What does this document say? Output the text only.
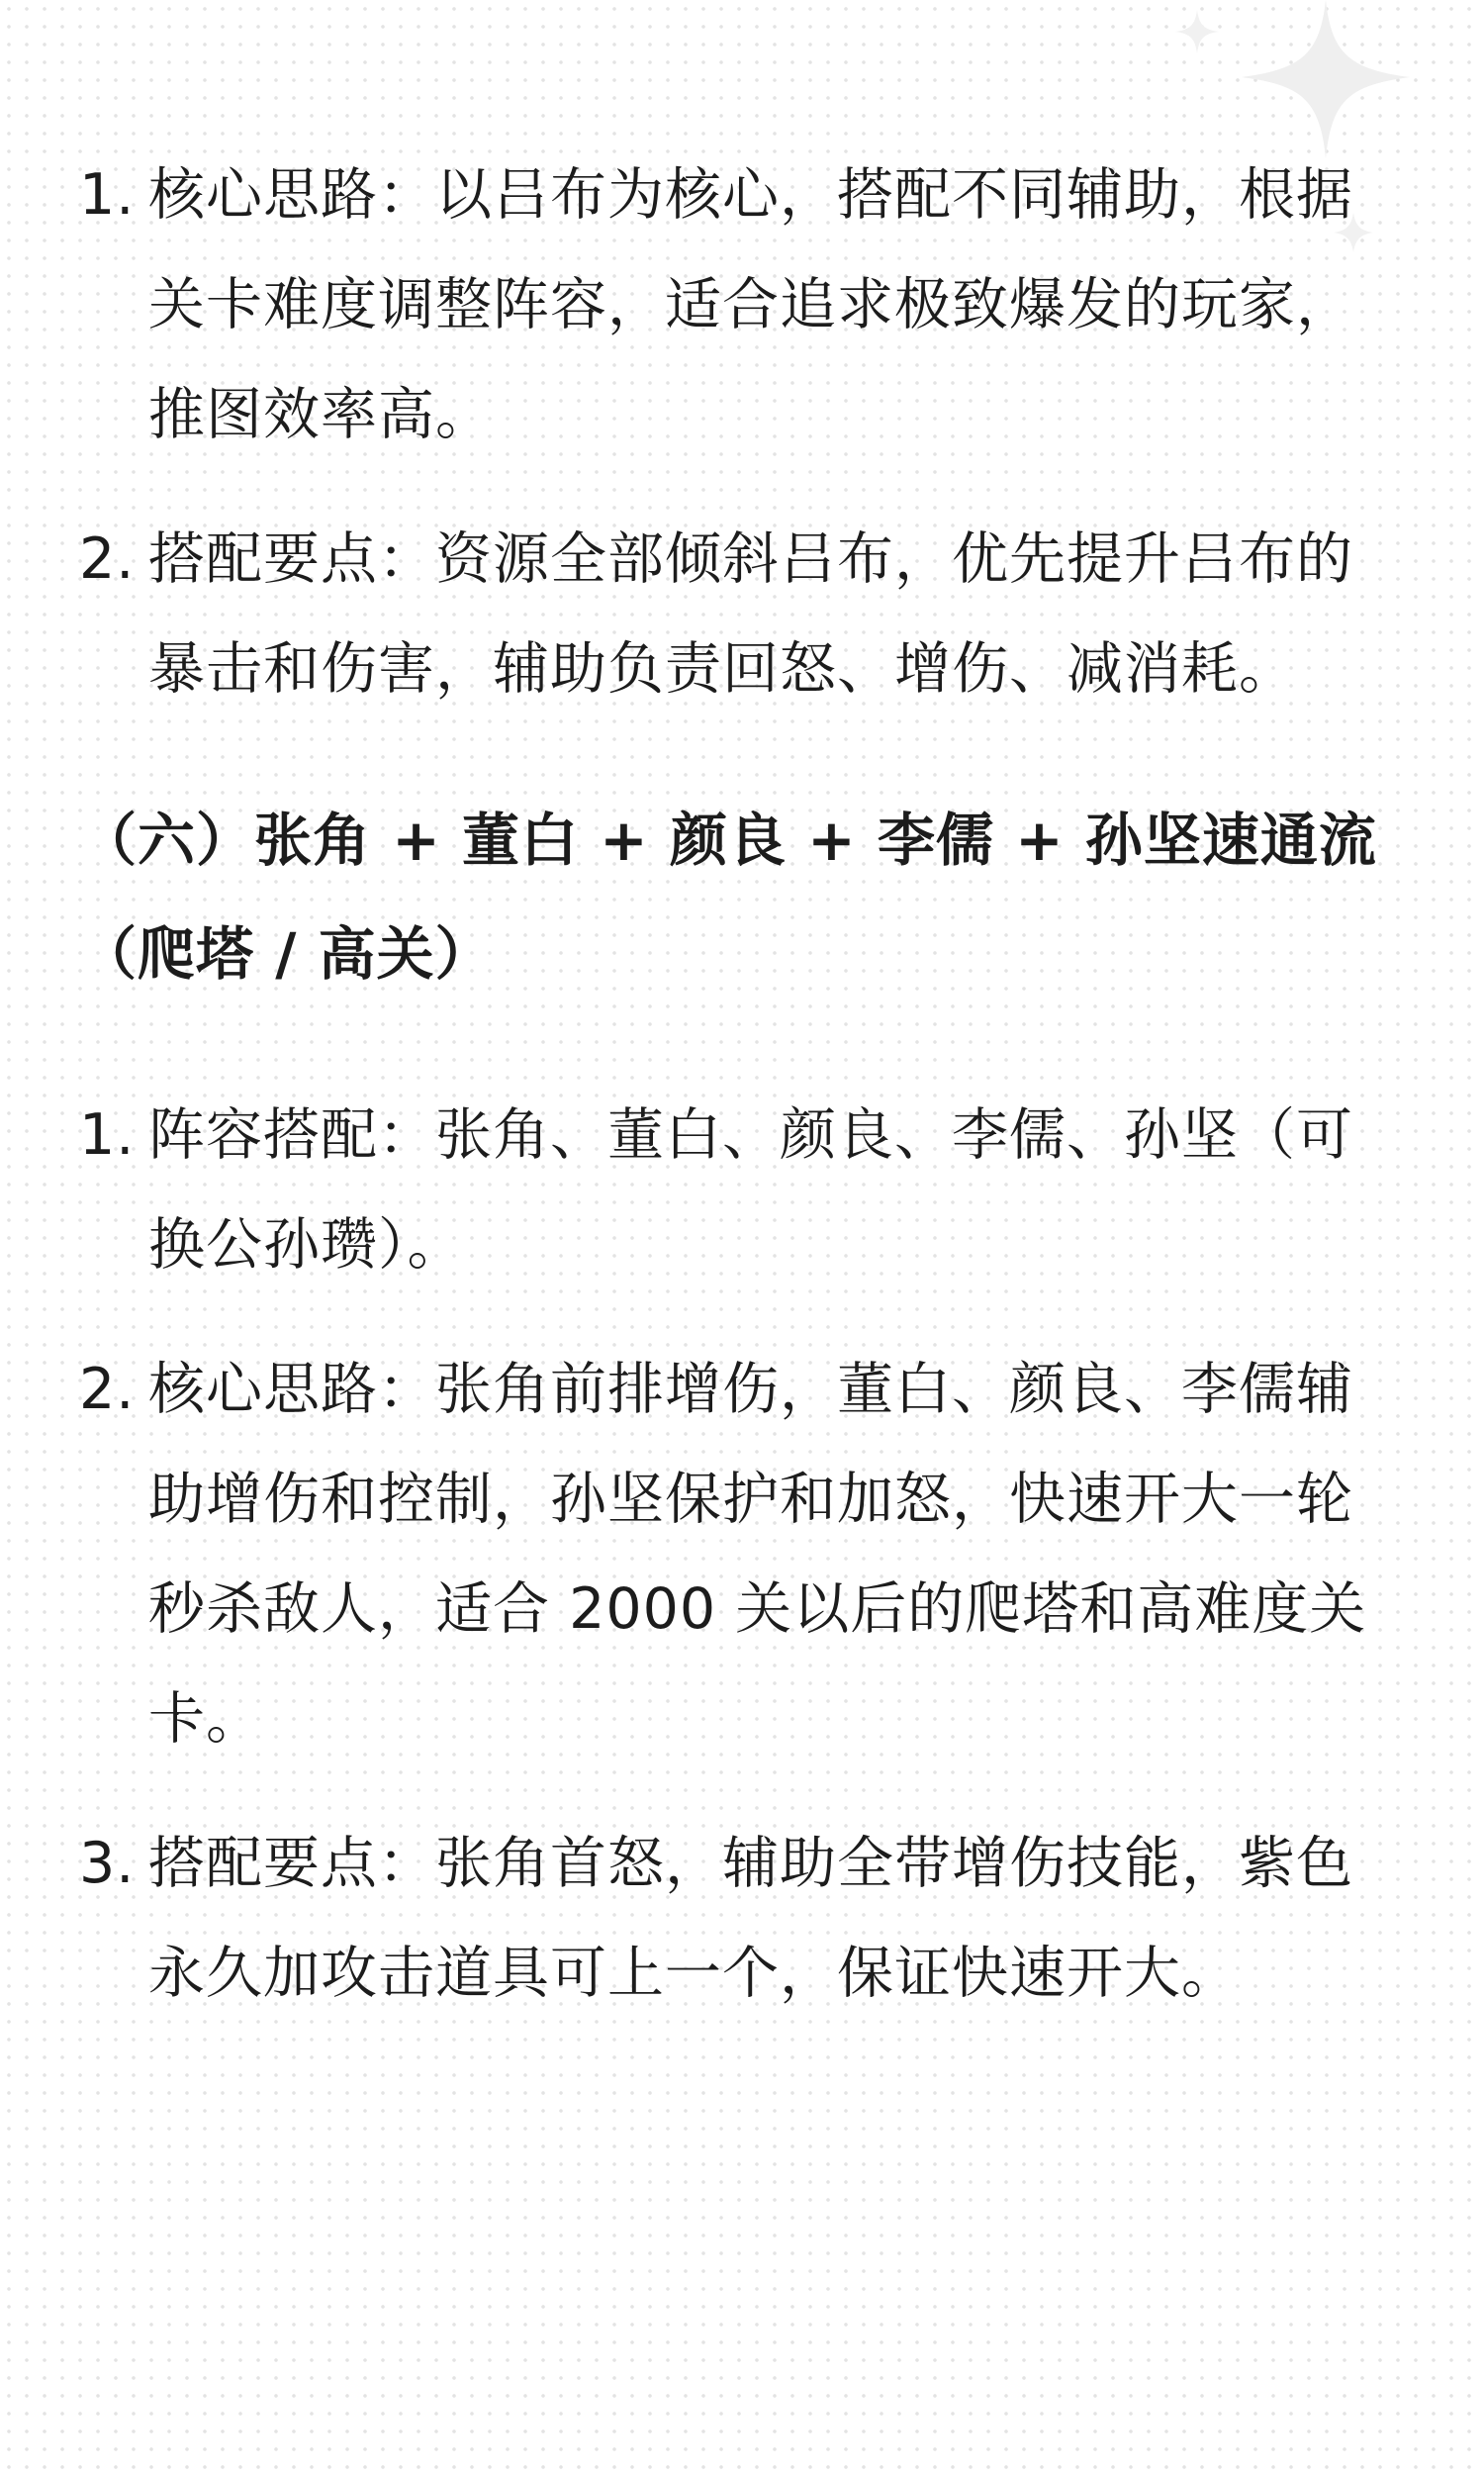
1. 核心思路：以吕布为核心，搭配不同辅助，根据关卡难度调整阵容，适合追求极致爆发的玩家，推图效率高。
2. 搭配要点：资源全部倾斜吕布，优先提升吕布的暴击和伤害，辅助负责回怒、增伤、减消耗。
（六）张角 + 董白 + 颜良 + 李儒 + 孙坚速通流（爬塔 / 高关）
1. 阵容搭配：张角、董白、颜良、李儒、孙坚（可换公孙瓒）。
2. 核心思路：张角前排增伤，董白、颜良、李儒辅助增伤和控制，孙坚保护和加怒，快速开大一轮秒杀敌人，适合 2000 关以后的爬塔和高难度关卡。
3. 搭配要点：张角首怒，辅助全带增伤技能，紫色永久加攻击道具可上一个，保证快速开大。
